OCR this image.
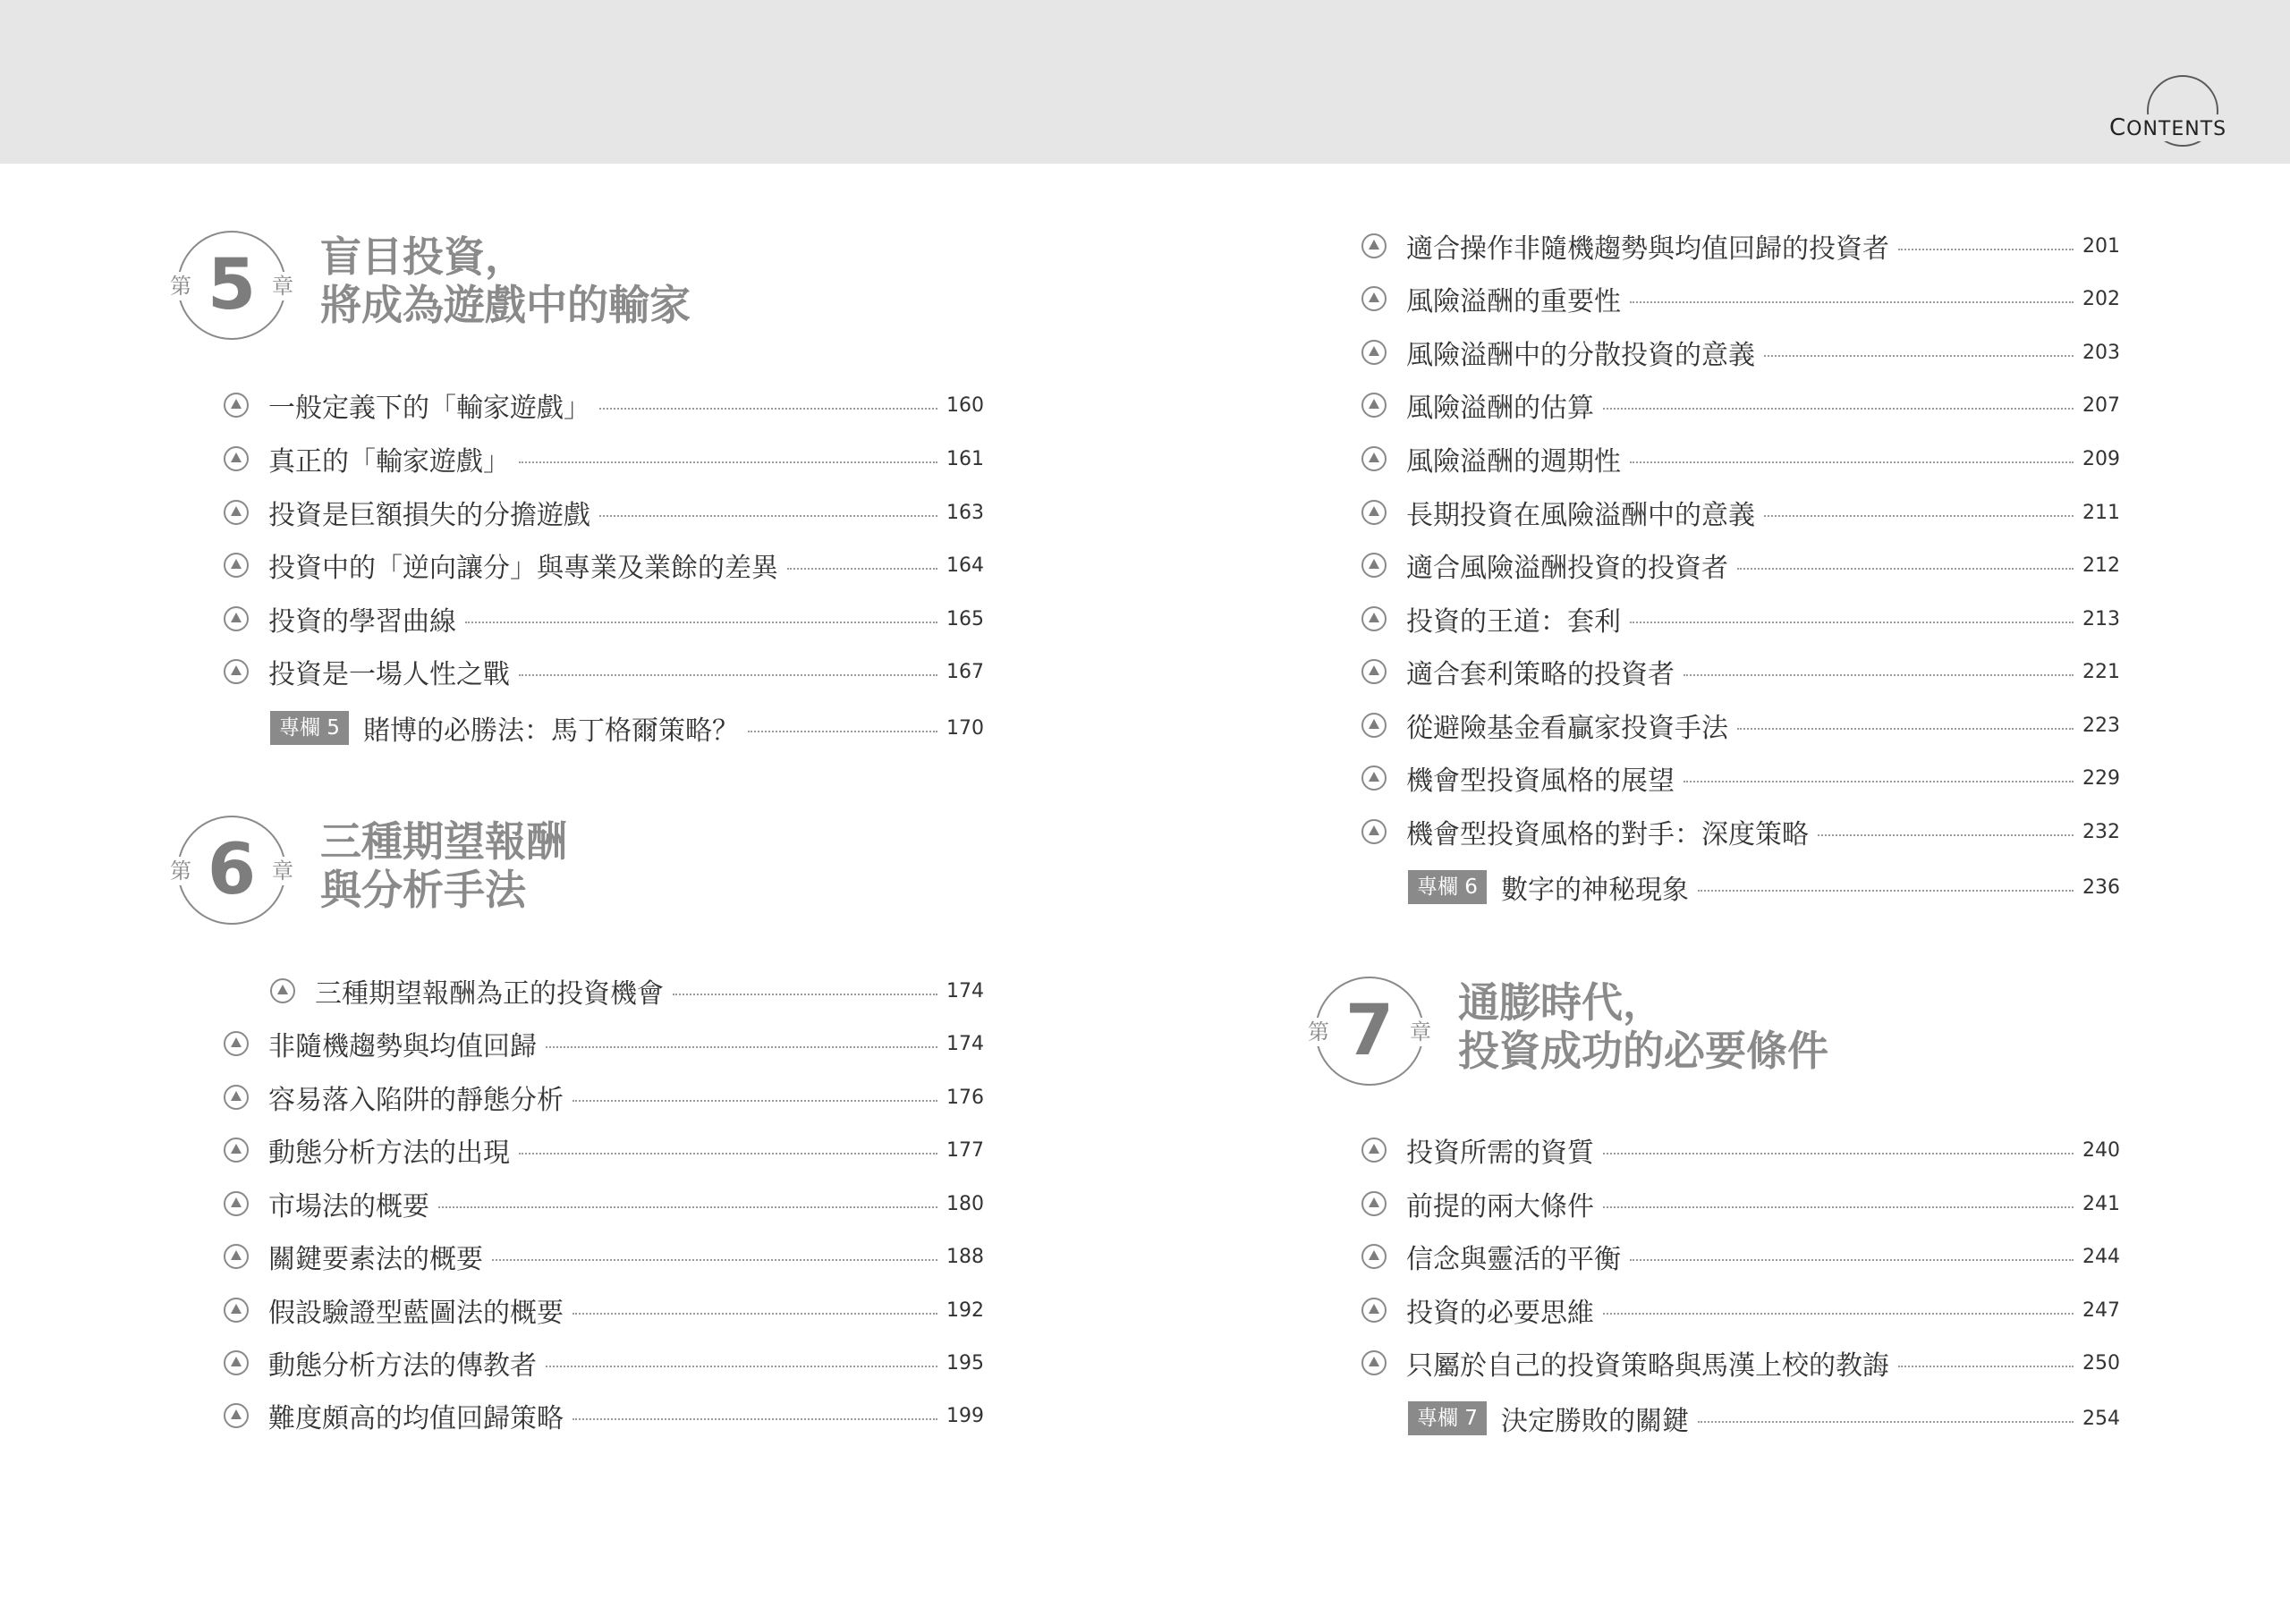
CONTENTS
5
第	章
盲目投資，
將成為遊戲中的輸家
一般定義下的「輸家遊戲」	160
真正的「輸家遊戲」	161
投資是巨額損失的分擔遊戲	163
投資中的「逆向讓分」與專業及業餘的差異	164
投資的學習曲線	165
投資是一場人性之戰	167
專欄 5 賭博的必勝法：馬丁格爾策略？	170
6
第	章
三種期望報酬
與分析手法
三種期望報酬為正的投資機會	174
非隨機趨勢與均值回歸	174
容易落入陷阱的靜態分析	176
動態分析方法的出現	177
市場法的概要	180
關鍵要素法的概要	188
假設驗證型藍圖法的概要	192
動態分析方法的傳教者	195
難度頗高的均值回歸策略	199
適合操作非隨機趨勢與均值回歸的投資者	201
風險溢酬的重要性	202
風險溢酬中的分散投資的意義	203
風險溢酬的估算	207
風險溢酬的週期性	209
長期投資在風險溢酬中的意義	211
適合風險溢酬投資的投資者	212
投資的王道：套利	213
適合套利策略的投資者	221
從避險基金看贏家投資手法	223
機會型投資風格的展望	229
機會型投資風格的對手：深度策略	232
專欄 6 數字的神秘現象	236
7
第	章
通膨時代，
投資成功的必要條件
投資所需的資質	240
前提的兩大條件	241
信念與靈活的平衡	244
投資的必要思維	247
只屬於自己的投資策略與馬漢上校的教誨	250
專欄 7 決定勝敗的關鍵	254
